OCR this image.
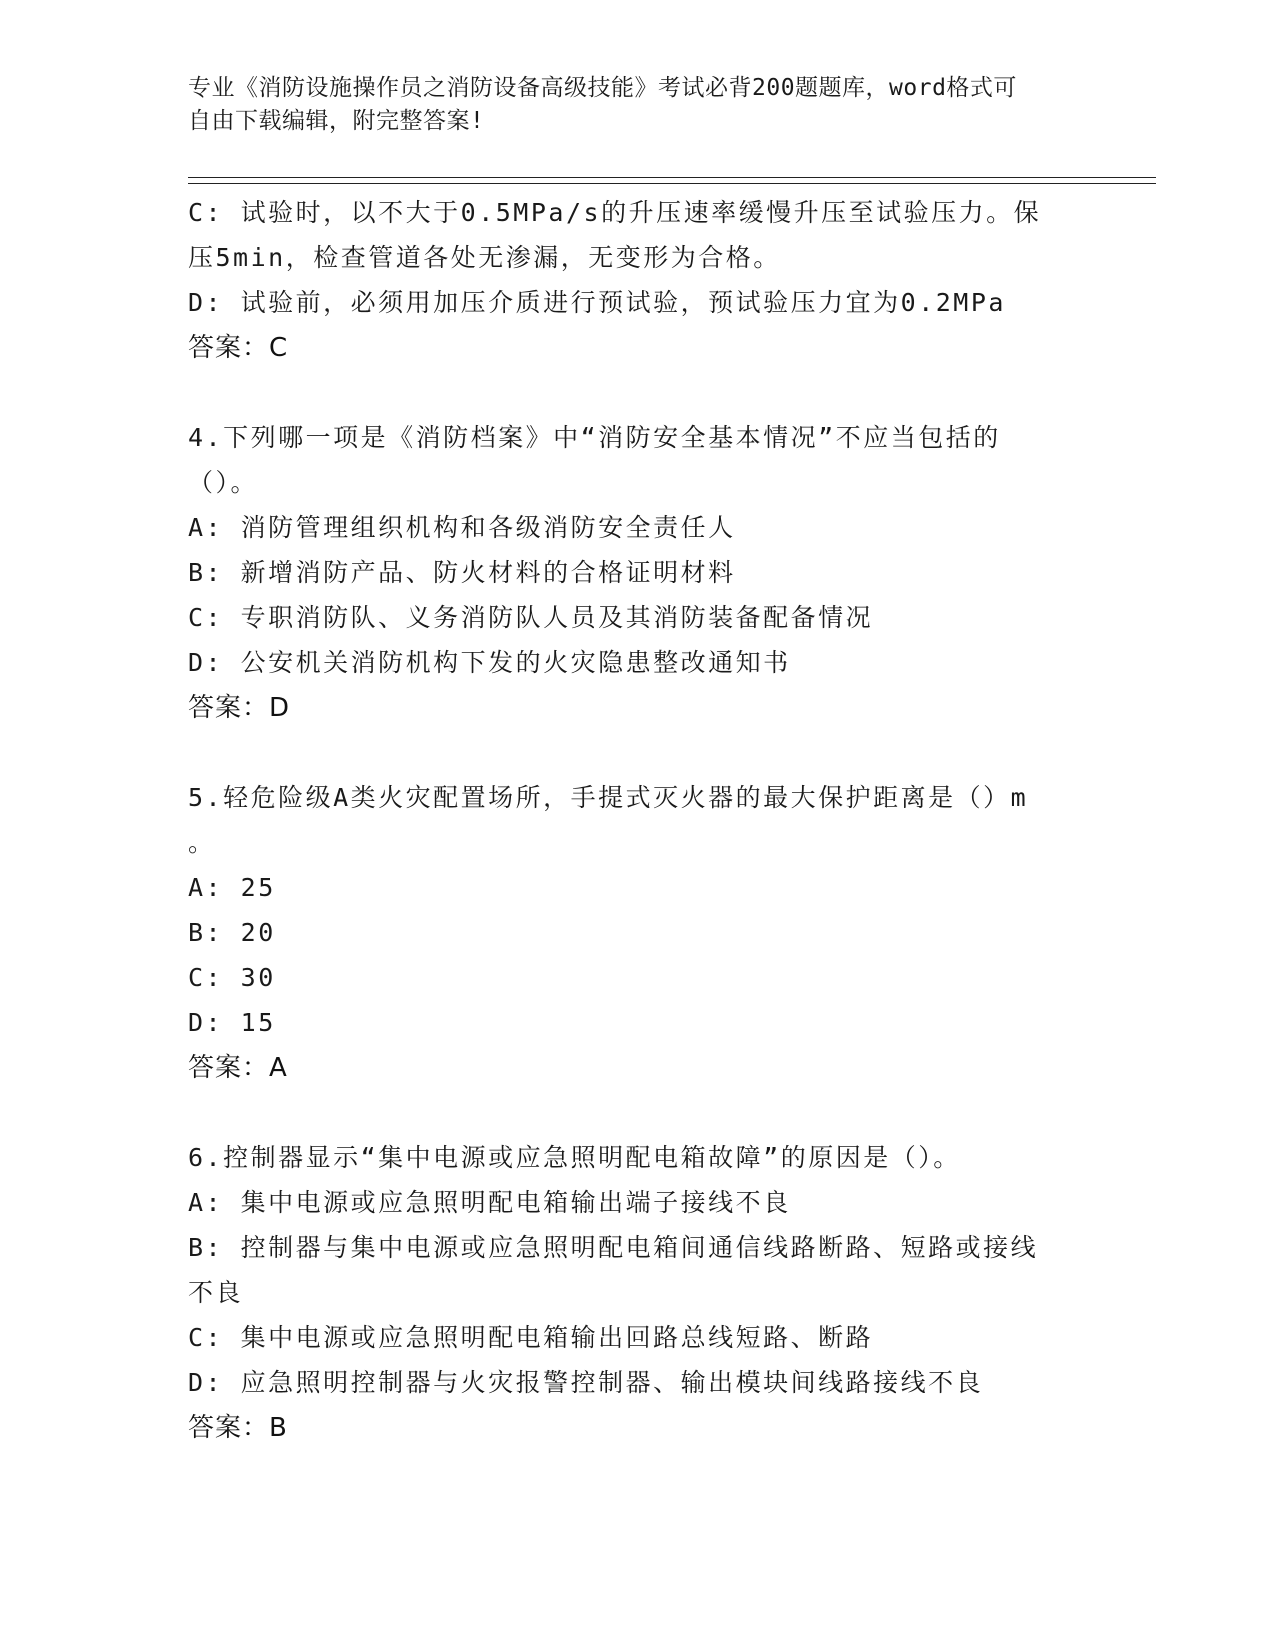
专业《消防设施操作员之消防设备高级技能》考试必背200题题库，word格式可
自由下载编辑，附完整答案!
C: 试验时，以不大于0.5MPa/s的升压速率缓慢升压至试验压力。保
压5min，检查管道各处无渗漏，无变形为合格。
D: 试验前，必须用加压介质进行预试验，预试验压力宜为0.2MPa
答案：C
4.下列哪一项是《消防档案》中“消防安全基本情况”不应当包括的
（）。
A: 消防管理组织机构和各级消防安全责任人
B: 新增消防产品、防火材料的合格证明材料
C: 专职消防队、义务消防队人员及其消防装备配备情况
D: 公安机关消防机构下发的火灾隐患整改通知书
答案：D
5.轻危险级A类火灾配置场所，手提式灭火器的最大保护距离是（）m
。
A: 25
B: 20
C: 30
D: 15
答案：A
6.控制器显示“集中电源或应急照明配电箱故障”的原因是（）。
A: 集中电源或应急照明配电箱输出端子接线不良
B: 控制器与集中电源或应急照明配电箱间通信线路断路、短路或接线
不良
C: 集中电源或应急照明配电箱输出回路总线短路、断路
D: 应急照明控制器与火灾报警控制器、输出模块间线路接线不良
答案：B
